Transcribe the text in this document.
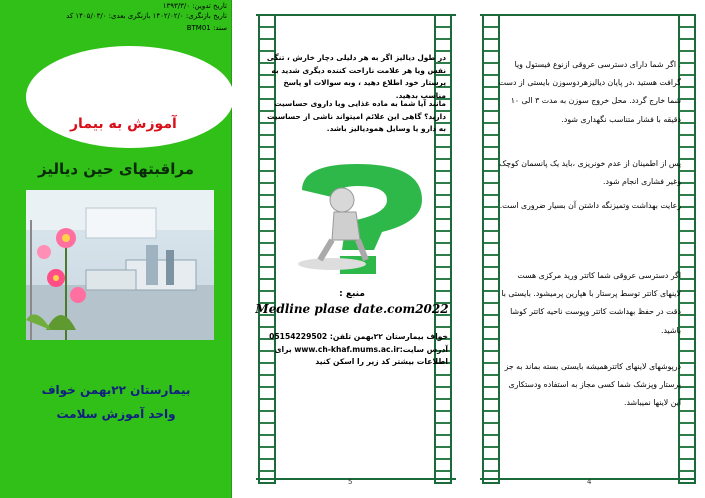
تاریخ تدوین: ۱۳۹۳/۳/۰
تاریخ بازنگری: ۱۴۰۲/۰۲/۰ بازنگری بعدی: ۱۴۰۵/۰۳/۰ کد
سند: BTM01
آموزش به بیمار
مراقبتهای حین دیالیز
بیمارستان ۲۲بهمن خواف
واحد آموزش سلامت
در طول دیالیز اگر به هر دلیلی دچار خارش ، تنگی نفس ویا هر علامت ناراحت کننده دیگری شدید به پرستار خود اطلاع دهید ، وبه سوالات او پاسخ مناسب بدهید.
مانند آیا شما به ماده غذایی ویا داروی حساسیت دارید؟ گاهی این علائم امیتواند ناشی از حساسیت به دارو یا وسایل همودیالیز باشد.
منبع :
Medline plase date.com2022
خواف بیمارستان ۲۲بهمن تلفن: 05154229502
آدرس سایت:www.ch-khaf.mums.ac.ir برای
اطلاعات بیشتر کد زیر را اسکن کنید
5
. اگر شما دارای دسترسی عروقی ازنوع فیستول ویا گرافت هستید ،در پایان دیالیزهردوسوزن بایستی از دست شما خارج گردد. محل خروج سوزن به مدت ۳ الی ۱۰ دقیقه با فشار متناسب نگهداری شود.
پس از اطمینان از عدم خونریزی ،باید یک پانسمان کوچک وغیر فشاری انجام شود.
رعایت بهداشت وتمیزنگه داشتن آن بسیار ضروری است.
اگر دسترسی عروقی شما کاتتر ورید مرکزی هست لاینهای کاتتر توسط پرستار با هپارین پرمیشود. بایستی با دقت در حفظ بهداشت کاتتر وپوست ناحیه کاتتر کوشا باشید.
درپوشهای لاینهای کاتترهمیشه بایستی بسته بماند به جز پرستار وپزشک شما کسی مجاز به استفاده ودستکاری این لاینها نمیباشد.
4
